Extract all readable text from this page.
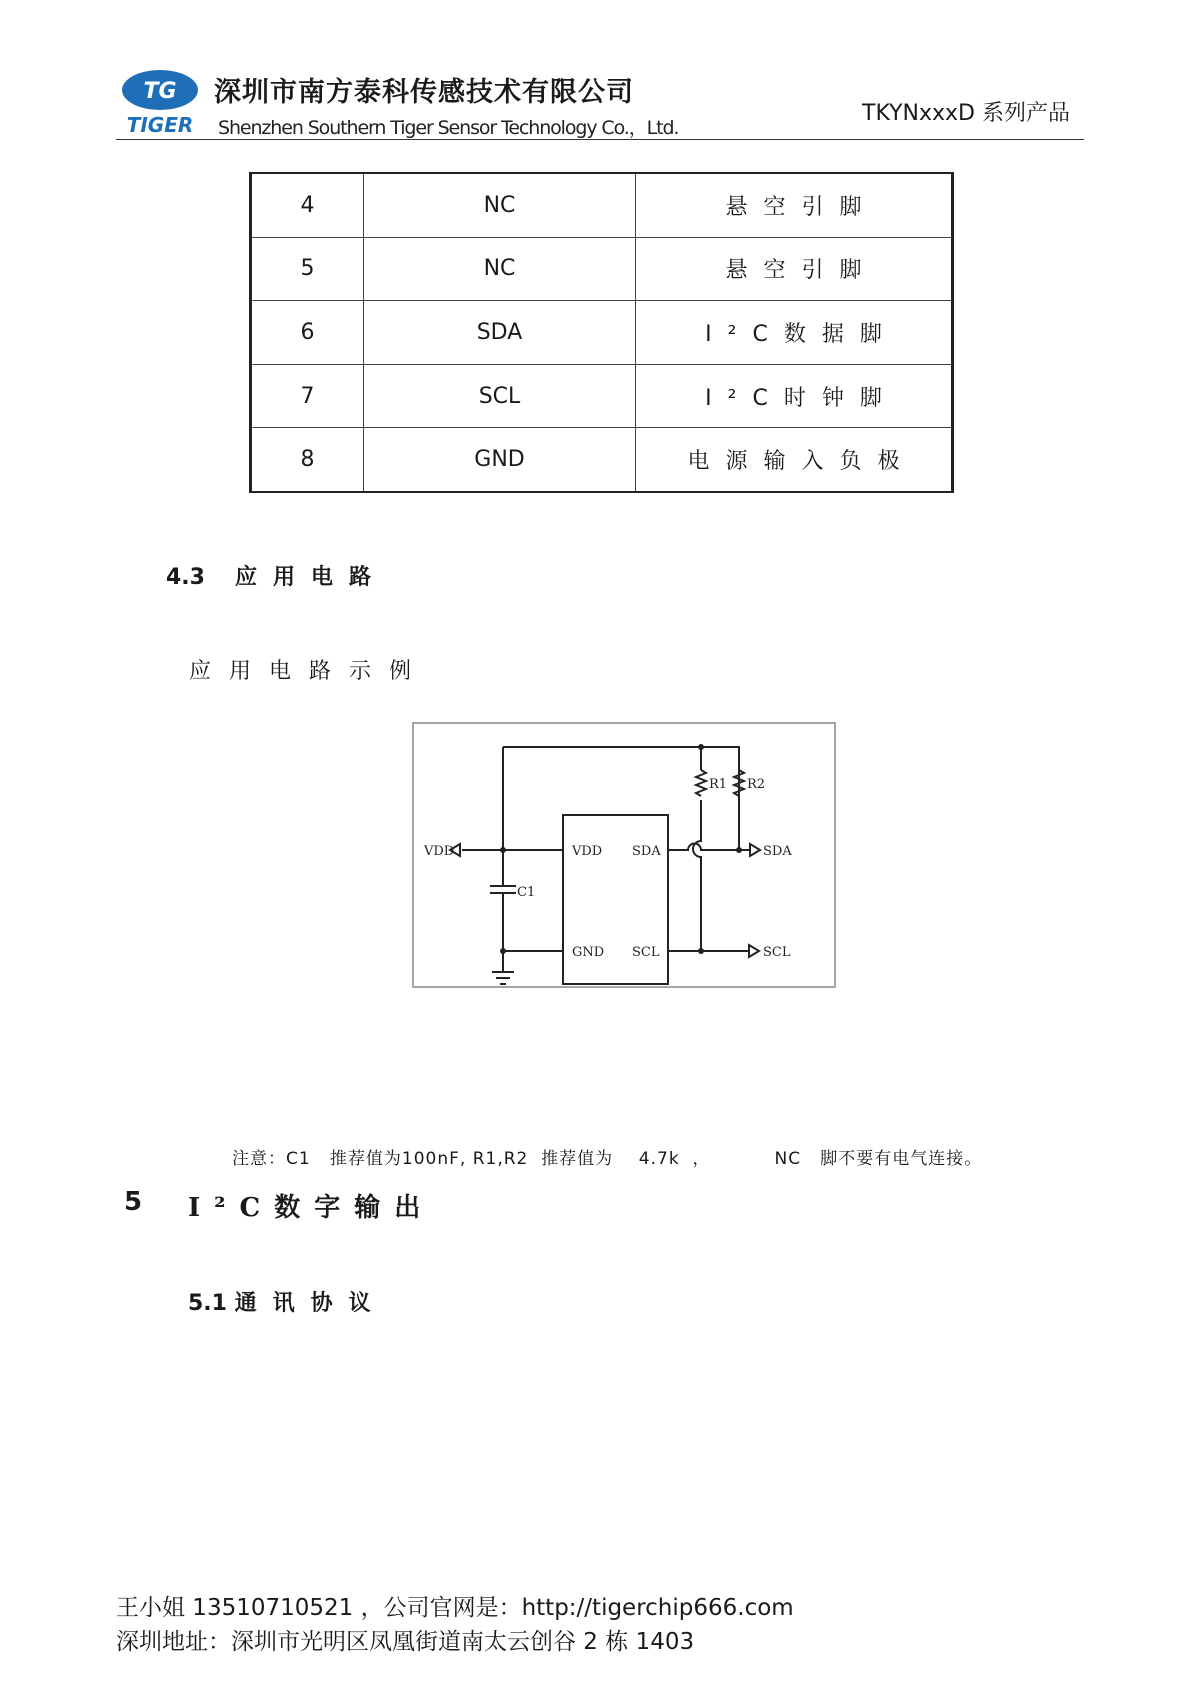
TG
TIGER
深圳市南方泰科传感技术有限公司
Shenzhen Southern Tiger Sensor Technology Co.，Ltd.
TKYNxxxD 系列产品
4	NC	悬空引脚
5	NC	悬空引脚
6	SDA	I²C数据脚
7	SCL	I²C时钟脚
8	GND	电源输入负极
4.3 应用电路
应用电路示例
VDD	VDD SDA
GND SCL
SDA
SCL
R1 R2
C1
注意：C1   推荐值为100nF, R1,R2  推荐值为    4.7k  ，          NC   脚不要有电气连接。
5 I²C数字输出
5.1 通讯协议
王小姐 13510710521 ，公司官网是：http://tigerchip666.com
深圳地址：深圳市光明区凤凰街道南太云创谷 2 栋 1403
